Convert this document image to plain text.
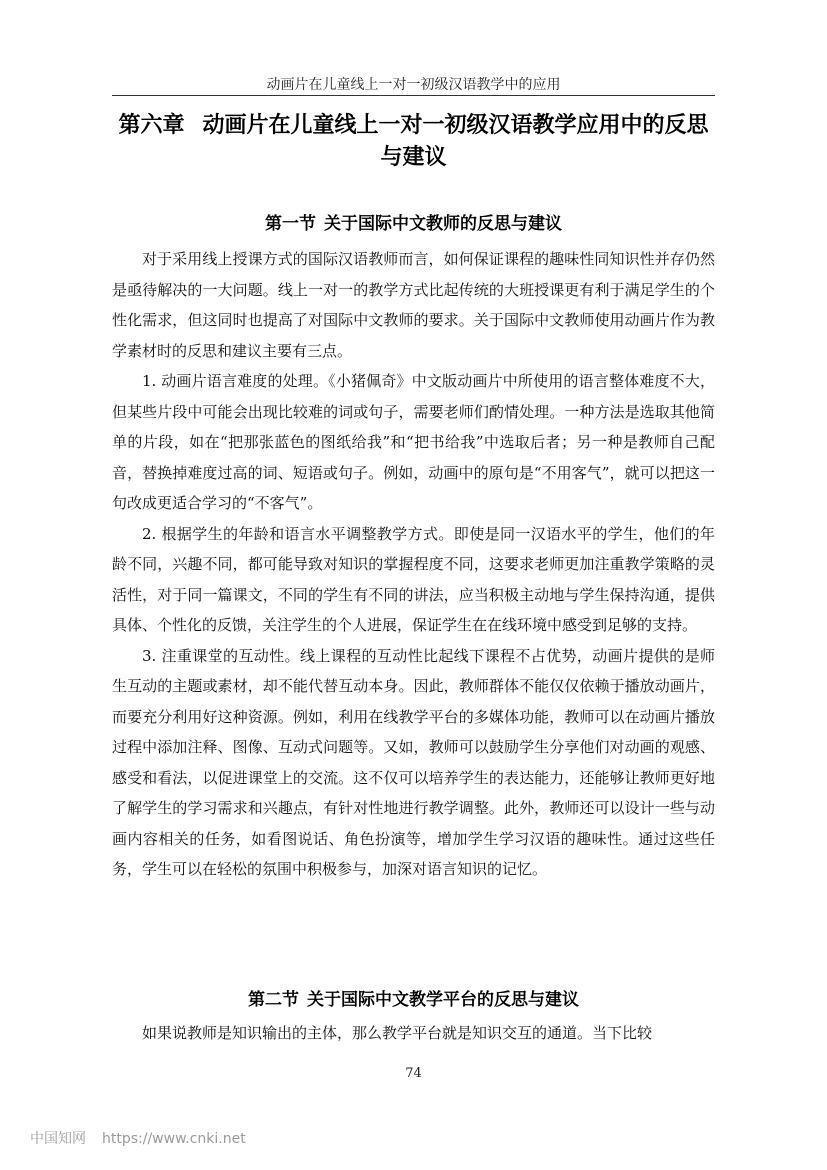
动画片在儿童线上一对一初级汉语教学中的应用
第六章 动画片在儿童线上一对一初级汉语教学应用中的反思
与建议
第一节 关于国际中文教师的反思与建议

对于采用线上授课方式的国际汉语教师而言，如何保证课程的趣味性同知识性并存仍然是亟待解决的一大问题。线上一对一的教学方式比起传统的大班授课更有利于满足学生的个性化需求，但这同时也提高了对国际中文教师的要求。关于国际中文教师使用动画片作为教学素材时的反思和建议主要有三点。

1. 动画片语言难度的处理。《小猪佩奇》中文版动画片中所使用的语言整体难度不大，但某些片段中可能会出现比较难的词或句子，需要老师们酌情处理。一种方法是选取其他简单的片段，如在“把那张蓝色的图纸给我”和“把书给我”中选取后者；另一种是教师自己配音，替换掉难度过高的词、短语或句子。例如，动画中的原句是“不用客气”，就可以把这一句改成更适合学习的“不客气”。

2. 根据学生的年龄和语言水平调整教学方式。即使是同一汉语水平的学生，他们的年龄不同，兴趣不同，都可能导致对知识的掌握程度不同，这要求老师更加注重教学策略的灵活性，对于同一篇课文，不同的学生有不同的讲法，应当积极主动地与学生保持沟通，提供具体、个性化的反馈，关注学生的个人进展，保证学生在在线环境中感受到足够的支持。

3. 注重课堂的互动性。线上课程的互动性比起线下课程不占优势，动画片提供的是师生互动的主题或素材，却不能代替互动本身。因此，教师群体不能仅仅依赖于播放动画片，而要充分利用好这种资源。例如，利用在线教学平台的多媒体功能，教师可以在动画片播放过程中添加注释、图像、互动式问题等。又如，教师可以鼓励学生分享他们对动画的观感、感受和看法，以促进课堂上的交流。这不仅可以培养学生的表达能力，还能够让教师更好地了解学生的学习需求和兴趣点，有针对性地进行教学调整。此外，教师还可以设计一些与动画内容相关的任务，如看图说话、角色扮演等，增加学生学习汉语的趣味性。通过这些任务，学生可以在轻松的氛围中积极参与，加深对语言知识的记忆。

第二节 关于国际中文教学平台的反思与建议

如果说教师是知识输出的主体，那么教学平台就是知识交互的通道。当下比较

74
中国知网 https://www.cnki.net
